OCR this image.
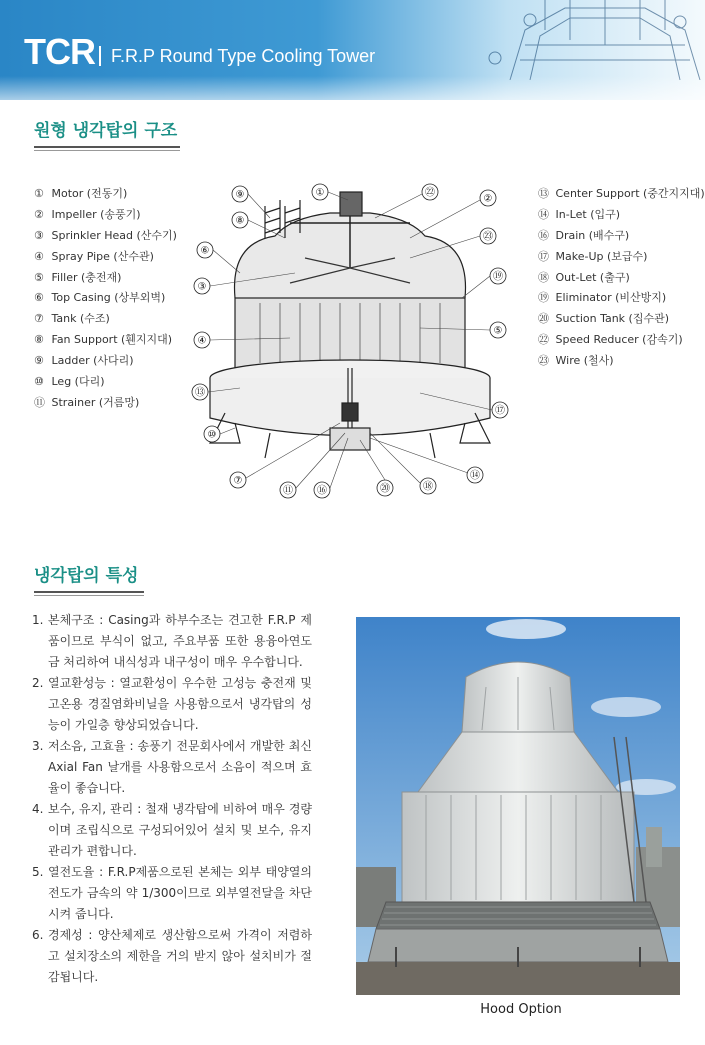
TCR F.R.P Round Type Cooling Tower
원형 냉각탑의 구조
① Motor (전동기)
② Impeller (송풍기)
③ Sprinkler Head (산수기)
④ Spray Pipe (산수관)
⑤ Filler (충전재)
⑥ Top Casing (상부외벽)
⑦ Tank (수조)
⑧ Fan Support (휀지지대)
⑨ Ladder (사다리)
⑩ Leg (다리)
⑪ Strainer (거름망)
⑬ Center Support (중간지지대)
⑭ In-Let (입구)
⑯ Drain (배수구)
⑰ Make-Up (보급수)
⑱ Out-Let (출구)
⑲ Eliminator (비산방지)
⑳ Suction Tank (집수관)
㉒ Speed Reducer (감속기)
㉓ Wire (철사)
⑨	①	㉒
②
⑧
㉓
⑥
⑲
③
⑤
④
⑬
⑰
⑩
⑭
⑦
⑪ ⑯	⑳	⑱
냉각탑의 특성

1. 본체구조 : Casing과 하부수조는 견고한 F.R.P 제품이므로 부식이 없고, 주요부품 또한 용융아연도금 처리하여 내식성과 내구성이 매우 우수합니다.

2. 열교환성능 : 열교환성이 우수한 고성능 충전재 및 고온용 경질염화비닐을 사용함으로서 냉각탑의 성능이 가일층 향상되었습니다.

3. 저소음, 고효율 : 송풍기 전문회사에서 개발한 최신 Axial Fan 날개를 사용함으로서 소음이 적으며 효율이 좋습니다.

4. 보수, 유지, 관리 : 철재 냉각탑에 비하여 매우 경량이며 조립식으로 구성되어있어 설치 및 보수, 유지 관리가 편합니다.

5. 열전도율 : F.R.P제품으로된 본체는 외부 태양열의 전도가 금속의 약 1/300이므로 외부열전달을 차단시켜 줍니다.

6. 경제성 : 양산체제로 생산함으로써 가격이 저렴하고 설치장소의 제한을 거의 받지 않아 설치비가 절감됩니다.

Hood Option
